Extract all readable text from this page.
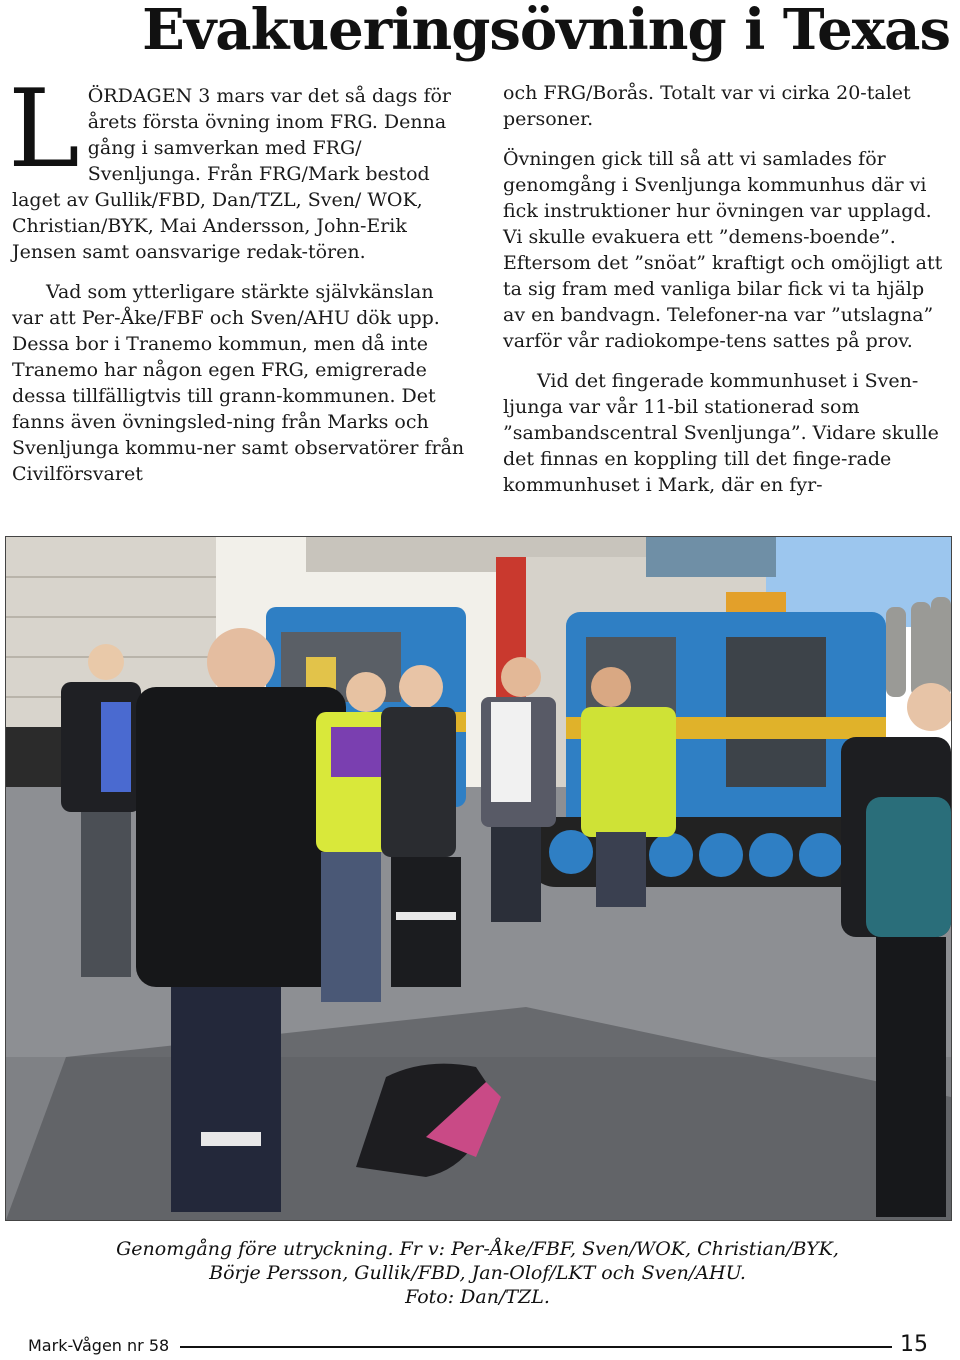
Evakueringsövning i Texas

LÖRDAGEN 3 mars var det så dags för årets första övning inom FRG. Denna gång i samverkan med FRG/ Svenljunga. Från FRG/Mark bestod laget av Gullik/FBD, Dan/TZL, Sven/ WOK, Christian/BYK, Mai Andersson, John-Erik Jensen samt oansvarige redak-tören.

Vad som ytterligare stärkte självkänslan var att Per-Åke/FBF och Sven/AHU dök upp. Dessa bor i Tranemo kommun, men då inte Tranemo har någon egen FRG, emigrerade dessa tillfälligtvis till grann-kommunen. Det fanns även övningsled-ning från Marks och Svenljunga kommu-ner samt observatörer från Civilförsvaret

och FRG/Borås. Totalt var vi cirka 20-talet personer.

Övningen gick till så att vi samlades för genomgång i Svenljunga kommunhus där vi fick instruktioner hur övningen var upplagd. Vi skulle evakuera ett ”demens-boende”. Eftersom det ”snöat” kraftigt och omöjligt att ta sig fram med vanliga bilar fick vi ta hjälp av en bandvagn. Telefoner-na var ”utslagna” varför vår radiokompe-tens sattes på prov.

Vid det fingerade kommunhuset i Sven-ljunga var vår 11-bil stationerad som ”sambandscentral Svenljunga”. Vidare skulle det finnas en koppling till det finge-rade kommunhuset i Mark, där en fyr-

Genomgång före utryckning. Fr v: Per-Åke/FBF, Sven/WOK, Christian/BYK,
Börje Persson, Gullik/FBD, Jan-Olof/LKT och Sven/AHU.
Foto: Dan/TZL.
Mark-Vågen nr 58	15
